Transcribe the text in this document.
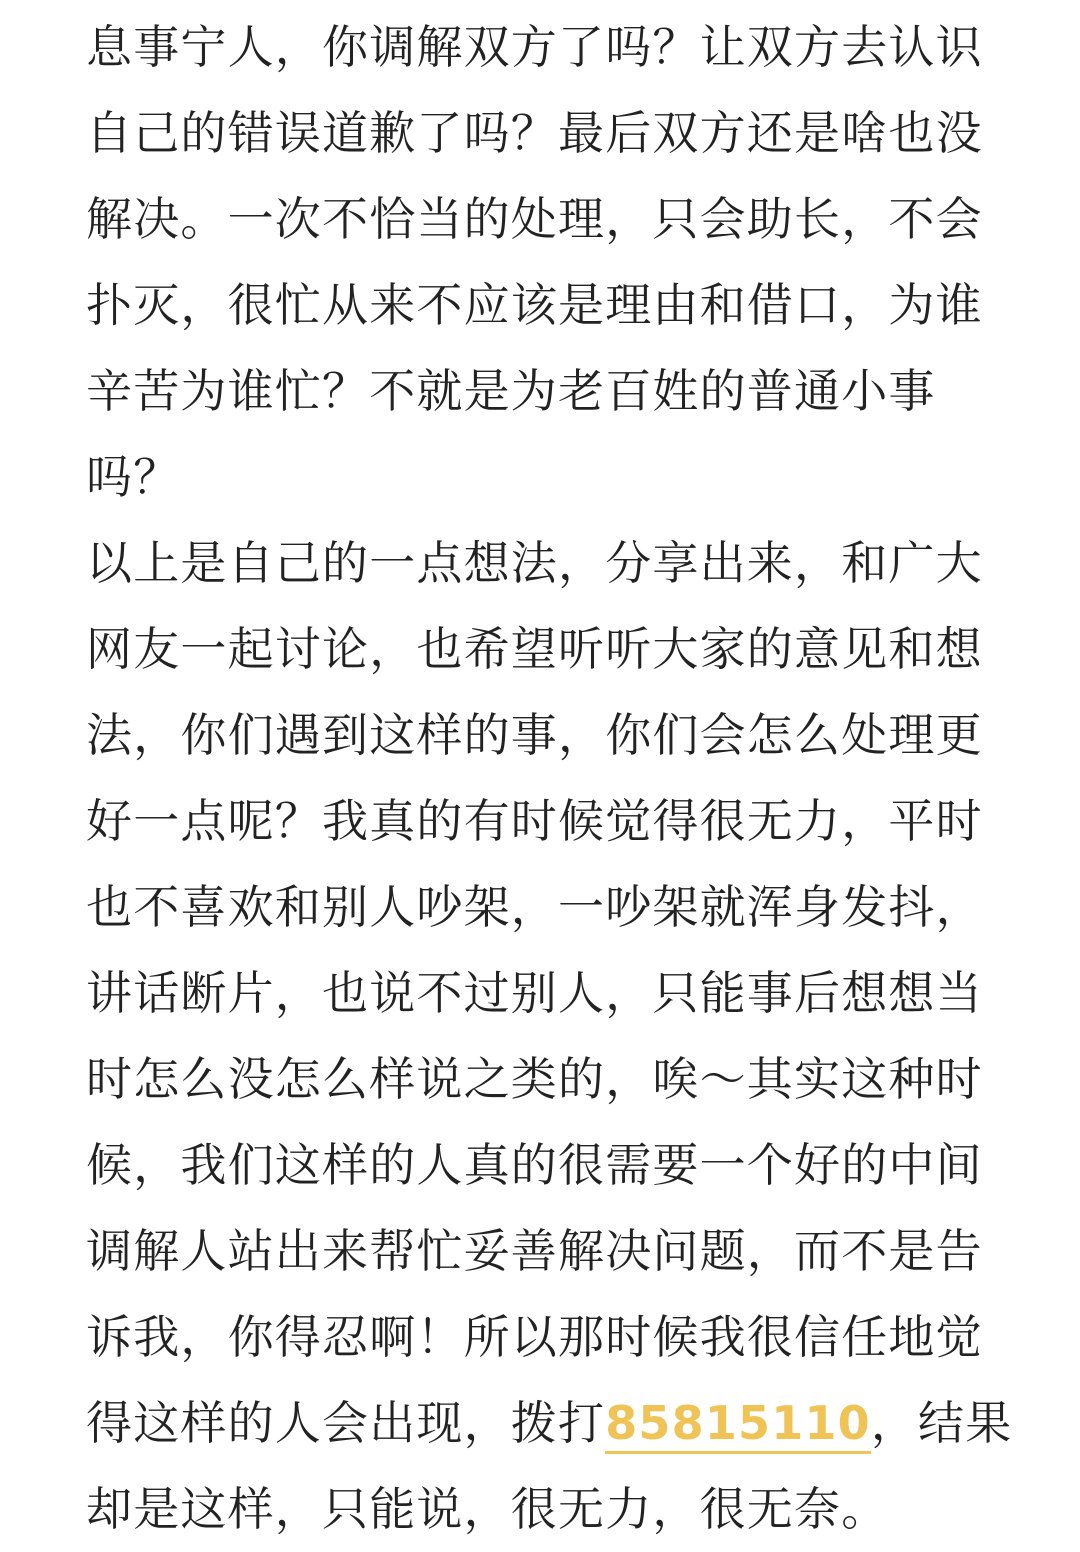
息事宁人，你调解双方了吗？让双方去认识
自己的错误道歉了吗？最后双方还是啥也没
解决。一次不恰当的处理，只会助长，不会
扑灭，很忙从来不应该是理由和借口，为谁
辛苦为谁忙？不就是为老百姓的普通小事
吗？
以上是自己的一点想法，分享出来，和广大
网友一起讨论，也希望听听大家的意见和想
法，你们遇到这样的事，你们会怎么处理更
好一点呢？我真的有时候觉得很无力，平时
也不喜欢和别人吵架，一吵架就浑身发抖，
讲话断片，也说不过别人，只能事后想想当
时怎么没怎么样说之类的，唉～其实这种时
候，我们这样的人真的很需要一个好的中间
调解人站出来帮忙妥善解决问题，而不是告
诉我，你得忍啊！所以那时候我很信任地觉
得这样的人会出现，拨打85815110，结果
却是这样，只能说，很无力，很无奈。
